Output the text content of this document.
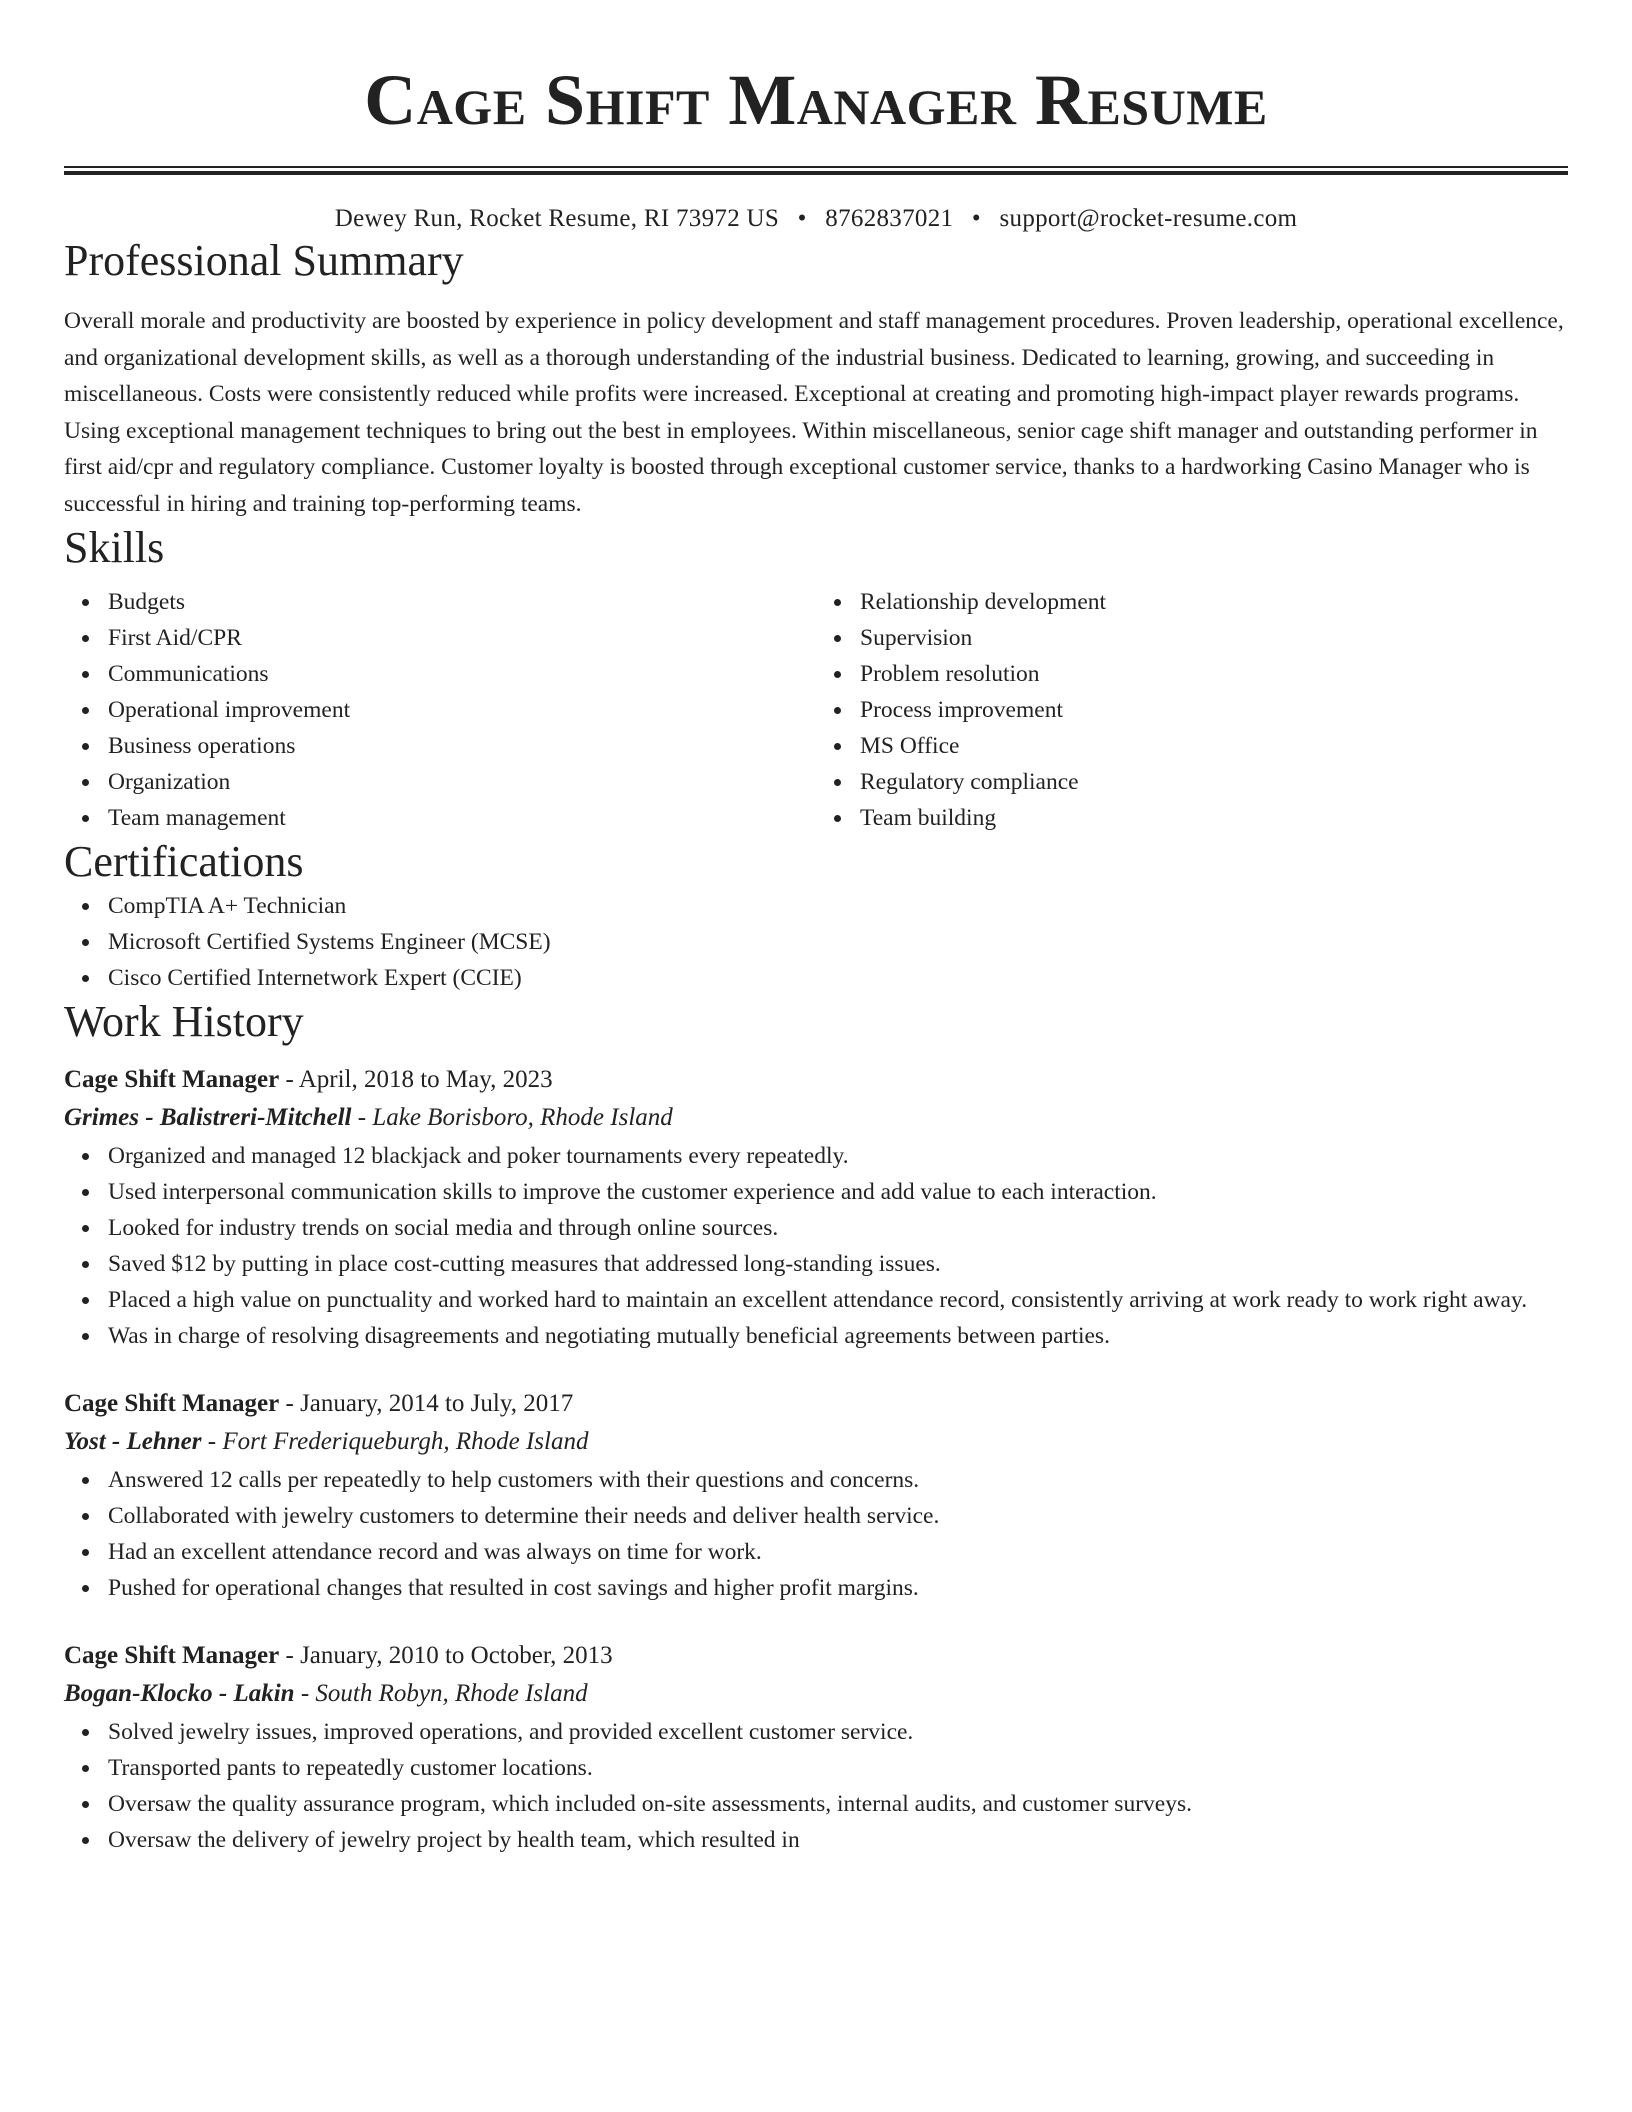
Cage Shift Manager Resume
Dewey Run, Rocket Resume, RI 73972 US • 8762837021 • support@rocket-resume.com
Professional Summary

Overall morale and productivity are boosted by experience in policy development and staff management procedures. Proven leadership, operational excellence, and organizational development skills, as well as a thorough understanding of the industrial business. Dedicated to learning, growing, and succeeding in miscellaneous. Costs were consistently reduced while profits were increased. Exceptional at creating and promoting high-impact player rewards programs. Using exceptional management techniques to bring out the best in employees. Within miscellaneous, senior cage shift manager and outstanding performer in first aid/cpr and regulatory compliance. Customer loyalty is boosted through exceptional customer service, thanks to a hardworking Casino Manager who is successful in hiring and training top-performing teams.

Skills
Budgets
First Aid/CPR
Communications
Operational improvement
Business operations
Organization
Team management
Relationship development
Supervision
Problem resolution
Process improvement
MS Office
Regulatory compliance
Team building
Certifications
CompTIA A+ Technician
Microsoft Certified Systems Engineer (MCSE)
Cisco Certified Internetwork Expert (CCIE)
Work History
Cage Shift Manager - April, 2018 to May, 2023
Grimes - Balistreri-Mitchell - Lake Borisboro, Rhode Island
Organized and managed 12 blackjack and poker tournaments every repeatedly.
Used interpersonal communication skills to improve the customer experience and add value to each interaction.
Looked for industry trends on social media and through online sources.
Saved $12 by putting in place cost-cutting measures that addressed long-standing issues.
Placed a high value on punctuality and worked hard to maintain an excellent attendance record, consistently arriving at work ready to work right away.
Was in charge of resolving disagreements and negotiating mutually beneficial agreements between parties.
Cage Shift Manager - January, 2014 to July, 2017
Yost - Lehner - Fort Frederiqueburgh, Rhode Island
Answered 12 calls per repeatedly to help customers with their questions and concerns.
Collaborated with jewelry customers to determine their needs and deliver health service.
Had an excellent attendance record and was always on time for work.
Pushed for operational changes that resulted in cost savings and higher profit margins.
Cage Shift Manager - January, 2010 to October, 2013
Bogan-Klocko - Lakin - South Robyn, Rhode Island
Solved jewelry issues, improved operations, and provided excellent customer service.
Transported pants to repeatedly customer locations.
Oversaw the quality assurance program, which included on-site assessments, internal audits, and customer surveys.
Oversaw the delivery of jewelry project by health team, which resulted in
